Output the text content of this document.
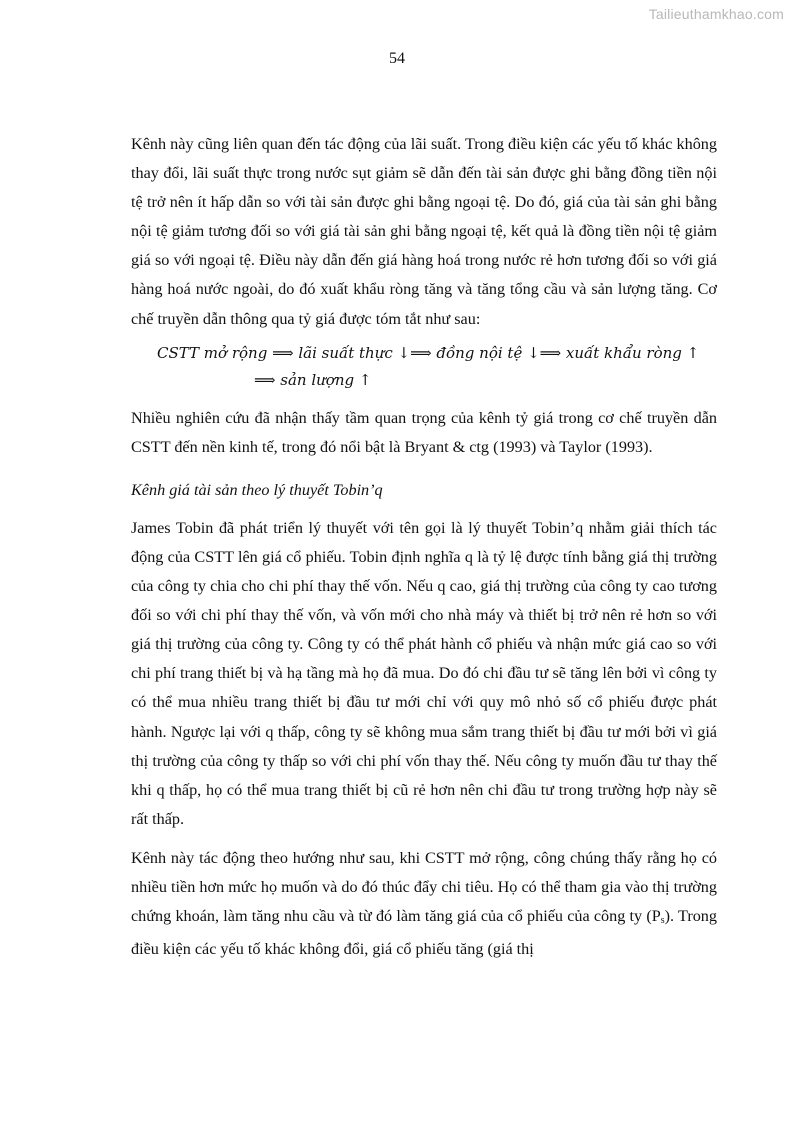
Tailieuthamkhao.com
54

Kênh này cũng liên quan đến tác động của lãi suất. Trong điều kiện các yếu tố khác không thay đổi, lãi suất thực trong nước sụt giảm sẽ dẫn đến tài sản được ghi bằng đồng tiền nội tệ trở nên ít hấp dẫn so với tài sản được ghi bằng ngoại tệ. Do đó, giá của tài sản ghi bằng nội tệ giảm tương đối so với giá tài sản ghi bằng ngoại tệ, kết quả là đồng tiền nội tệ giảm giá so với ngoại tệ. Điều này dẫn đến giá hàng hoá trong nước rẻ hơn tương đối so với giá hàng hoá nước ngoài, do đó xuất khẩu ròng tăng và tăng tổng cầu và sản lượng tăng. Cơ chế truyền dẫn thông qua tỷ giá được tóm tắt như sau:

CSTT mở rộng ⟹ lãi suất thực ↓⟹ đồng nội tệ ↓⟹ xuất khẩu ròng ↑
⟹ sản lượng ↑

Nhiều nghiên cứu đã nhận thấy tầm quan trọng của kênh tỷ giá trong cơ chế truyền dẫn CSTT đến nền kinh tế, trong đó nổi bật là Bryant & ctg (1993) và Taylor (1993).

Kênh giá tài sản theo lý thuyết Tobin’q

James Tobin đã phát triển lý thuyết với tên gọi là lý thuyết Tobin’q nhằm giải thích tác động của CSTT lên giá cổ phiếu. Tobin định nghĩa q là tỷ lệ được tính bằng giá thị trường của công ty chia cho chi phí thay thế vốn. Nếu q cao, giá thị trường của công ty cao tương đối so với chi phí thay thế vốn, và vốn mới cho nhà máy và thiết bị trở nên rẻ hơn so với giá thị trường của công ty. Công ty có thể phát hành cổ phiếu và nhận mức giá cao so với chi phí trang thiết bị và hạ tầng mà họ đã mua. Do đó chi đầu tư sẽ tăng lên bởi vì công ty có thể mua nhiều trang thiết bị đầu tư mới chỉ với quy mô nhỏ số cổ phiếu được phát hành. Ngược lại với q thấp, công ty sẽ không mua sắm trang thiết bị đầu tư mới bởi vì giá thị trường của công ty thấp so với chi phí vốn thay thế. Nếu công ty muốn đầu tư thay thế khi q thấp, họ có thể mua trang thiết bị cũ rẻ hơn nên chi đầu tư trong trường hợp này sẽ rất thấp.

Kênh này tác động theo hướng như sau, khi CSTT mở rộng, công chúng thấy rằng họ có nhiều tiền hơn mức họ muốn và do đó thúc đẩy chi tiêu. Họ có thể tham gia vào thị trường chứng khoán, làm tăng nhu cầu và từ đó làm tăng giá của cổ phiếu của công ty $(P_s)$. Trong điều kiện các yếu tố khác không đổi, giá cổ phiếu tăng (giá thị
